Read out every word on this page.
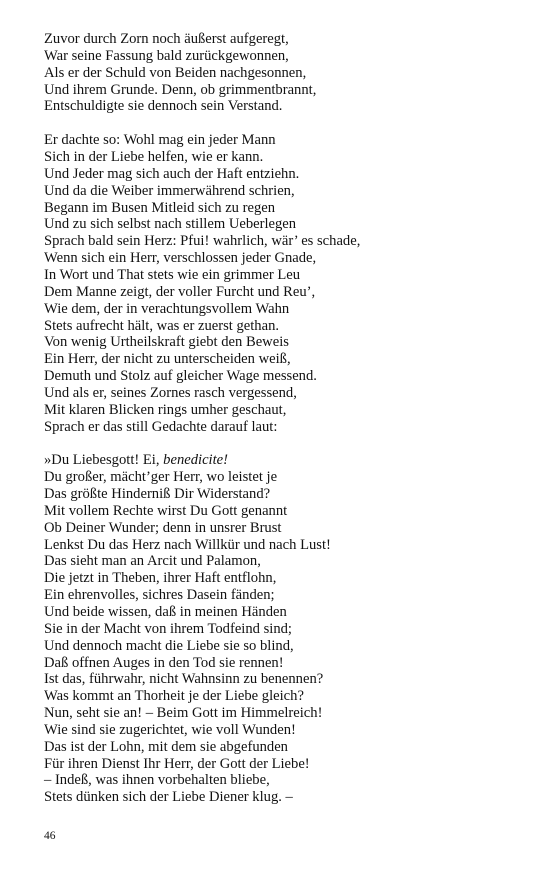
Zuvor durch Zorn noch äußerst aufgeregt,
War seine Fassung bald zurückgewonnen,
Als er der Schuld von Beiden nachgesonnen,
Und ihrem Grunde. Denn, ob grimmentbrannt,
Entschuldigte sie dennoch sein Verstand.
Er dachte so: Wohl mag ein jeder Mann
Sich in der Liebe helfen, wie er kann.
Und Jeder mag sich auch der Haft entziehn.
Und da die Weiber immerwährend schrien,
Begann im Busen Mitleid sich zu regen
Und zu sich selbst nach stillem Ueberlegen
Sprach bald sein Herz: Pfui! wahrlich, wär’ es schade,
Wenn sich ein Herr, verschlossen jeder Gnade,
In Wort und That stets wie ein grimmer Leu
Dem Manne zeigt, der voller Furcht und Reu’,
Wie dem, der in verachtungsvollem Wahn
Stets aufrecht hält, was er zuerst gethan.
Von wenig Urtheilskraft giebt den Beweis
Ein Herr, der nicht zu unterscheiden weiß,
Demuth und Stolz auf gleicher Wage messend.
Und als er, seines Zornes rasch vergessend,
Mit klaren Blicken rings umher geschaut,
Sprach er das still Gedachte darauf laut:
»Du Liebesgott! Ei, benedicite!
Du großer, mächt’ger Herr, wo leistet je
Das größte Hinderniß Dir Widerstand?
Mit vollem Rechte wirst Du Gott genannt
Ob Deiner Wunder; denn in unsrer Brust
Lenkst Du das Herz nach Willkür und nach Lust!
Das sieht man an Arcit und Palamon,
Die jetzt in Theben, ihrer Haft entflohn,
Ein ehrenvolles, sichres Dasein fänden;
Und beide wissen, daß in meinen Händen
Sie in der Macht von ihrem Todfeind sind;
Und dennoch macht die Liebe sie so blind,
Daß offnen Auges in den Tod sie rennen!
Ist das, führwahr, nicht Wahnsinn zu benennen?
Was kommt an Thorheit je der Liebe gleich?
Nun, seht sie an! – Beim Gott im Himmelreich!
Wie sind sie zugerichtet, wie voll Wunden!
Das ist der Lohn, mit dem sie abgefunden
Für ihren Dienst Ihr Herr, der Gott der Liebe!
– Indeß, was ihnen vorbehalten bliebe,
Stets dünken sich der Liebe Diener klug. –
46
